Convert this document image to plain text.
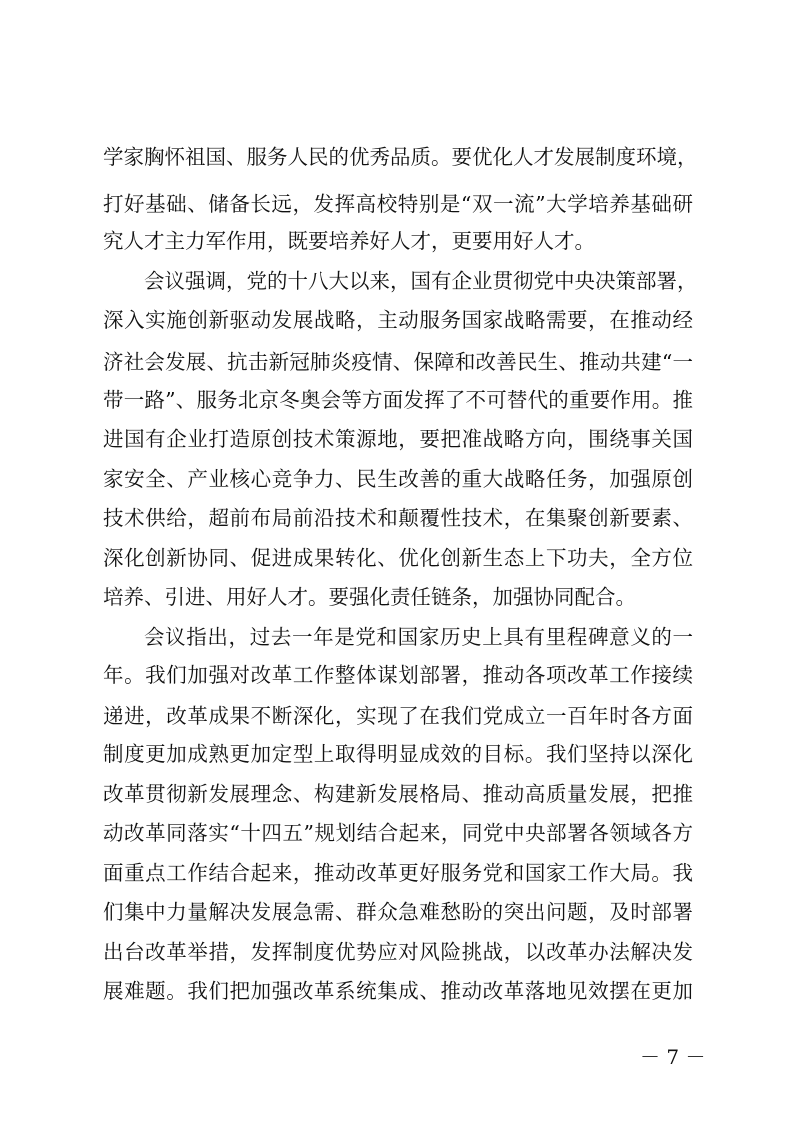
学家胸怀祖国、服务人民的优秀品质。要优化人才发展制度环境，
打好基础、储备长远，发挥高校特别是“双一流”大学培养基础研
究人才主力军作用，既要培养好人才，更要用好人才。
会议强调，党的十八大以来，国有企业贯彻党中央决策部署，
深入实施创新驱动发展战略，主动服务国家战略需要，在推动经
济社会发展、抗击新冠肺炎疫情、保障和改善民生、推动共建“一
带一路”、服务北京冬奥会等方面发挥了不可替代的重要作用。推
进国有企业打造原创技术策源地，要把准战略方向，围绕事关国
家安全、产业核心竞争力、民生改善的重大战略任务，加强原创
技术供给，超前布局前沿技术和颠覆性技术，在集聚创新要素、
深化创新协同、促进成果转化、优化创新生态上下功夫，全方位
培养、引进、用好人才。要强化责任链条，加强协同配合。
会议指出，过去一年是党和国家历史上具有里程碑意义的一
年。我们加强对改革工作整体谋划部署，推动各项改革工作接续
递进，改革成果不断深化，实现了在我们党成立一百年时各方面
制度更加成熟更加定型上取得明显成效的目标。我们坚持以深化
改革贯彻新发展理念、构建新发展格局、推动高质量发展，把推
动改革同落实“十四五”规划结合起来，同党中央部署各领域各方
面重点工作结合起来，推动改革更好服务党和国家工作大局。我
们集中力量解决发展急需、群众急难愁盼的突出问题，及时部署
出台改革举措，发挥制度优势应对风险挑战，以改革办法解决发
展难题。我们把加强改革系统集成、推动改革落地见效摆在更加
－ 7 －
